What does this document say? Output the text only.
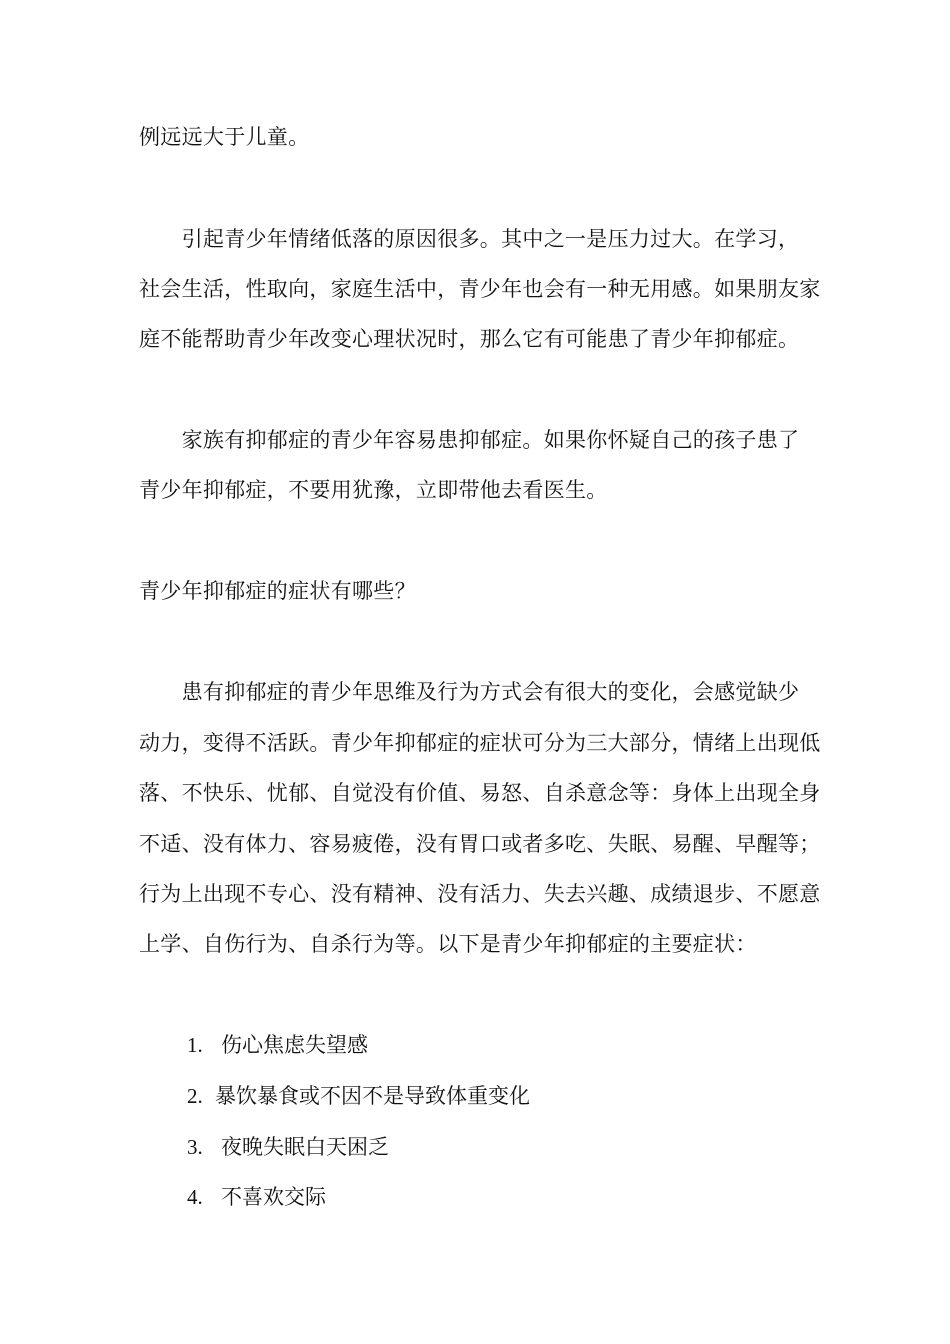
例远远大于儿童。
　　引起青少年情绪低落的原因很多。其中之一是压力过大。在学习，
社会生活，性取向，家庭生活中，青少年也会有一种无用感。如果朋友家
庭不能帮助青少年改变心理状况时，那么它有可能患了青少年抑郁症。
　　家族有抑郁症的青少年容易患抑郁症。如果你怀疑自己的孩子患了
青少年抑郁症，不要用犹豫，立即带他去看医生。
青少年抑郁症的症状有哪些？
　　患有抑郁症的青少年思维及行为方式会有很大的变化，会感觉缺少
动力，变得不活跃。青少年抑郁症的症状可分为三大部分，情绪上出现低
落、不快乐、忧郁、自觉没有价值、易怒、自杀意念等：身体上出现全身
不适、没有体力、容易疲倦，没有胃口或者多吃、失眠、易醒、早醒等；
行为上出现不专心、没有精神、没有活力、失去兴趣、成绩退步、不愿意
上学、自伤行为、自杀行为等。以下是青少年抑郁症的主要症状：
1. 伤心焦虑失望感
2. 暴饮暴食或不因不是导致体重变化
3. 夜晚失眠白天困乏
4. 不喜欢交际
